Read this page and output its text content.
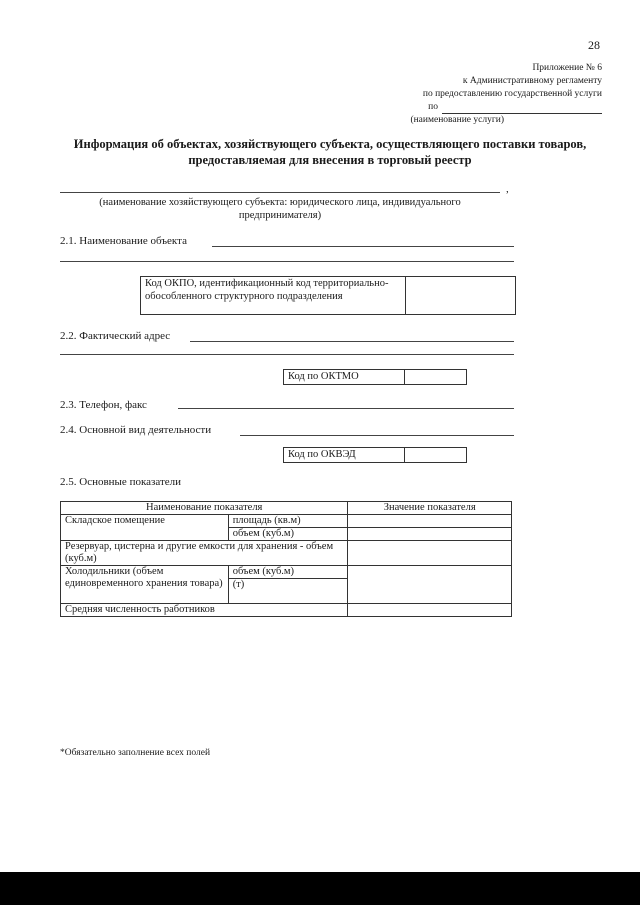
28
Приложение № 6
к Административному регламенту
по предоставлению государственной услуги
по
(наименование услуги)
Информация об объектах, хозяйствующего субъекта, осуществляющего поставки товаров,
предоставляемая для внесения в торговый реестр
,
(наименование хозяйствующего субъекта: юридического лица, индивидуального
предпринимателя)
2.1. Наименование объекта
Код ОКПО, идентификационный код территориально-обособленного структурного подразделения
2.2. Фактический адрес
Код по ОКТМО
2.3. Телефон, факс
2.4. Основной вид деятельности
Код по ОКВЭД
2.5. Основные показатели
Наименование показателя		Значение показателя
Складское помещение	площадь (кв.м)	
	объем (куб.м)	
Резервуар, цистерна и другие емкости для хранения - объем (куб.м)		
Холодильники (объем единовременного хранения товара)	объем (куб.м)	
	(т)	
Средняя численность работников		
*Обязательно заполнение всех полей
